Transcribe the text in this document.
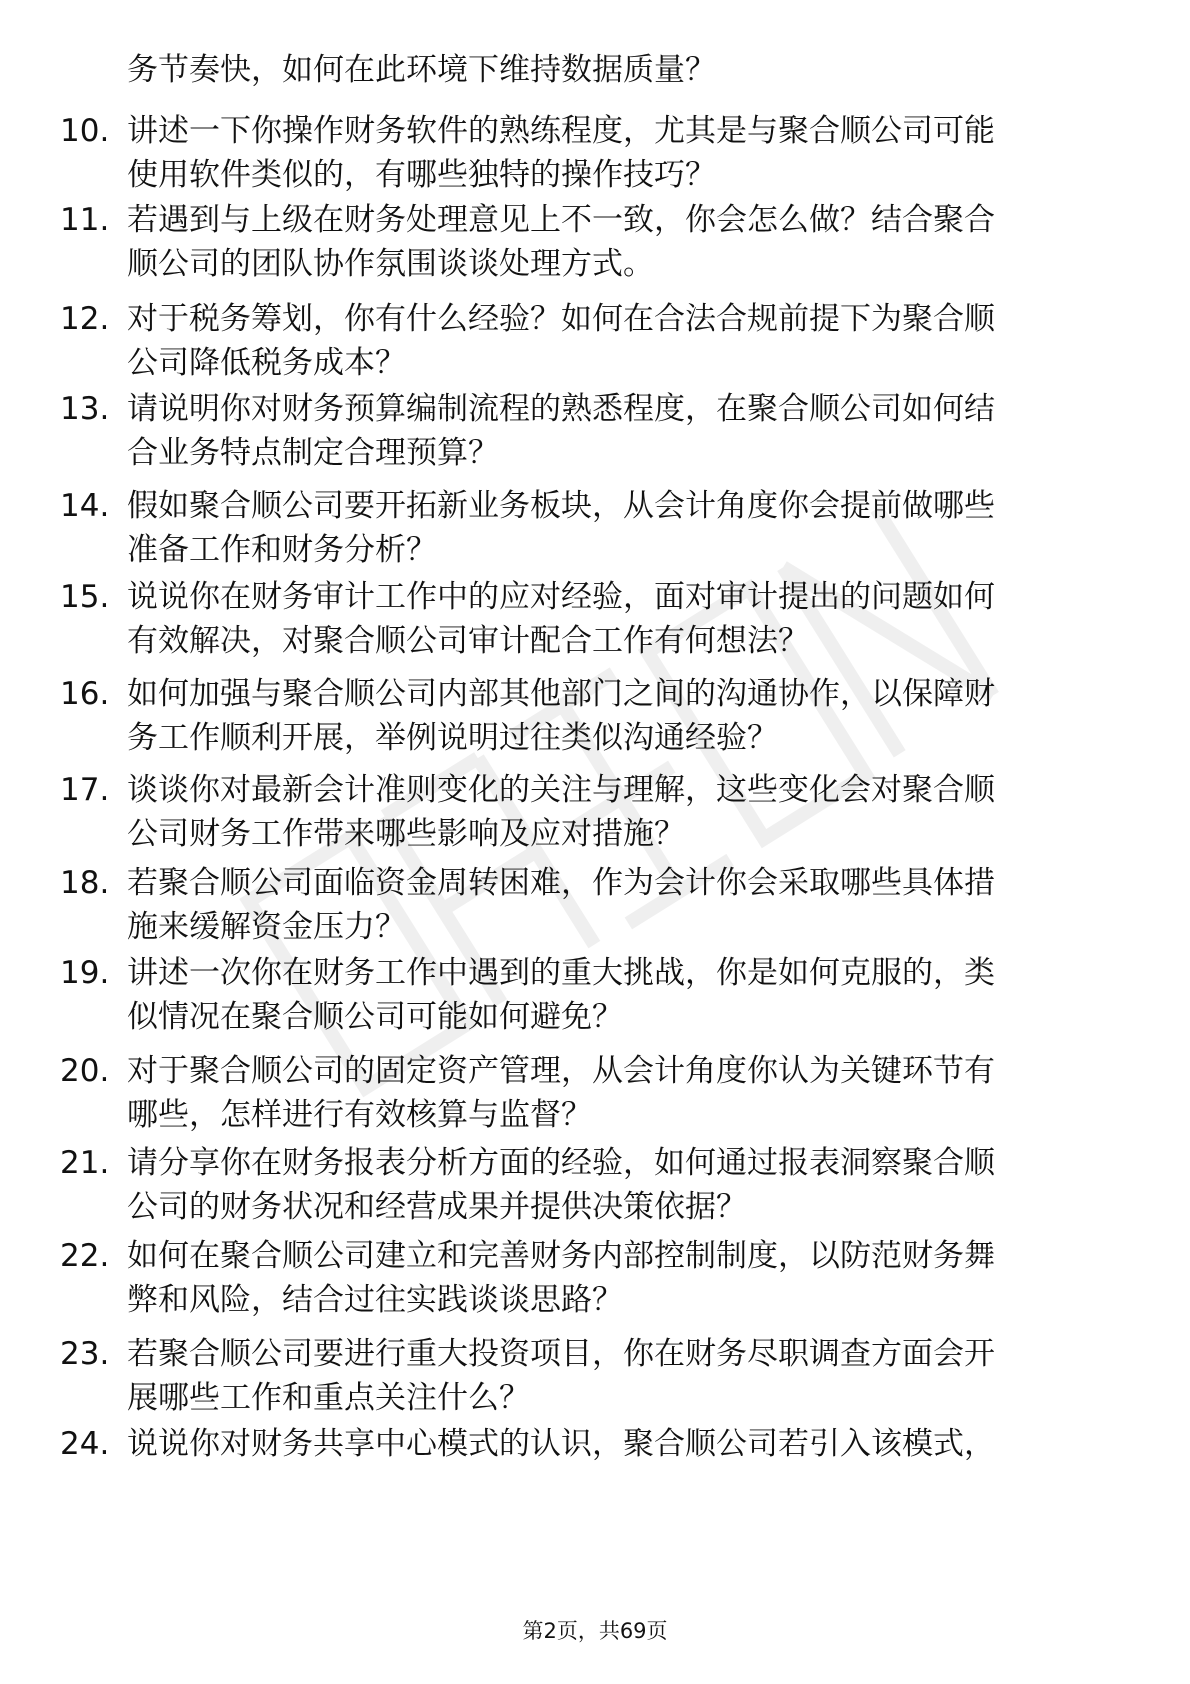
务节奏快，如何在此环境下维持数据质量？
10. 讲述一下你操作财务软件的熟练程度，尤其是与聚合顺公司可能
使用软件类似的，有哪些独特的操作技巧？
11. 若遇到与上级在财务处理意见上不一致，你会怎么做？结合聚合
顺公司的团队协作氛围谈谈处理方式。
12. 对于税务筹划，你有什么经验？如何在合法合规前提下为聚合顺
公司降低税务成本？
13. 请说明你对财务预算编制流程的熟悉程度，在聚合顺公司如何结
合业务特点制定合理预算？
14. 假如聚合顺公司要开拓新业务板块，从会计角度你会提前做哪些
准备工作和财务分析？
15. 说说你在财务审计工作中的应对经验，面对审计提出的问题如何
有效解决，对聚合顺公司审计配合工作有何想法？
16. 如何加强与聚合顺公司内部其他部门之间的沟通协作，以保障财
务工作顺利开展，举例说明过往类似沟通经验？
17. 谈谈你对最新会计准则变化的关注与理解，这些变化会对聚合顺
公司财务工作带来哪些影响及应对措施？
18. 若聚合顺公司面临资金周转困难，作为会计你会采取哪些具体措
施来缓解资金压力？
19. 讲述一次你在财务工作中遇到的重大挑战，你是如何克服的，类
似情况在聚合顺公司可能如何避免？
20. 对于聚合顺公司的固定资产管理，从会计角度你认为关键环节有
哪些，怎样进行有效核算与监督？
21. 请分享你在财务报表分析方面的经验，如何通过报表洞察聚合顺
公司的财务状况和经营成果并提供决策依据？
22. 如何在聚合顺公司建立和完善财务内部控制制度，以防范财务舞
弊和风险，结合过往实践谈谈思路？
23. 若聚合顺公司要进行重大投资项目，你在财务尽职调查方面会开
展哪些工作和重点关注什么？
24. 说说你对财务共享中心模式的认识，聚合顺公司若引入该模式，
第2页，共69页
